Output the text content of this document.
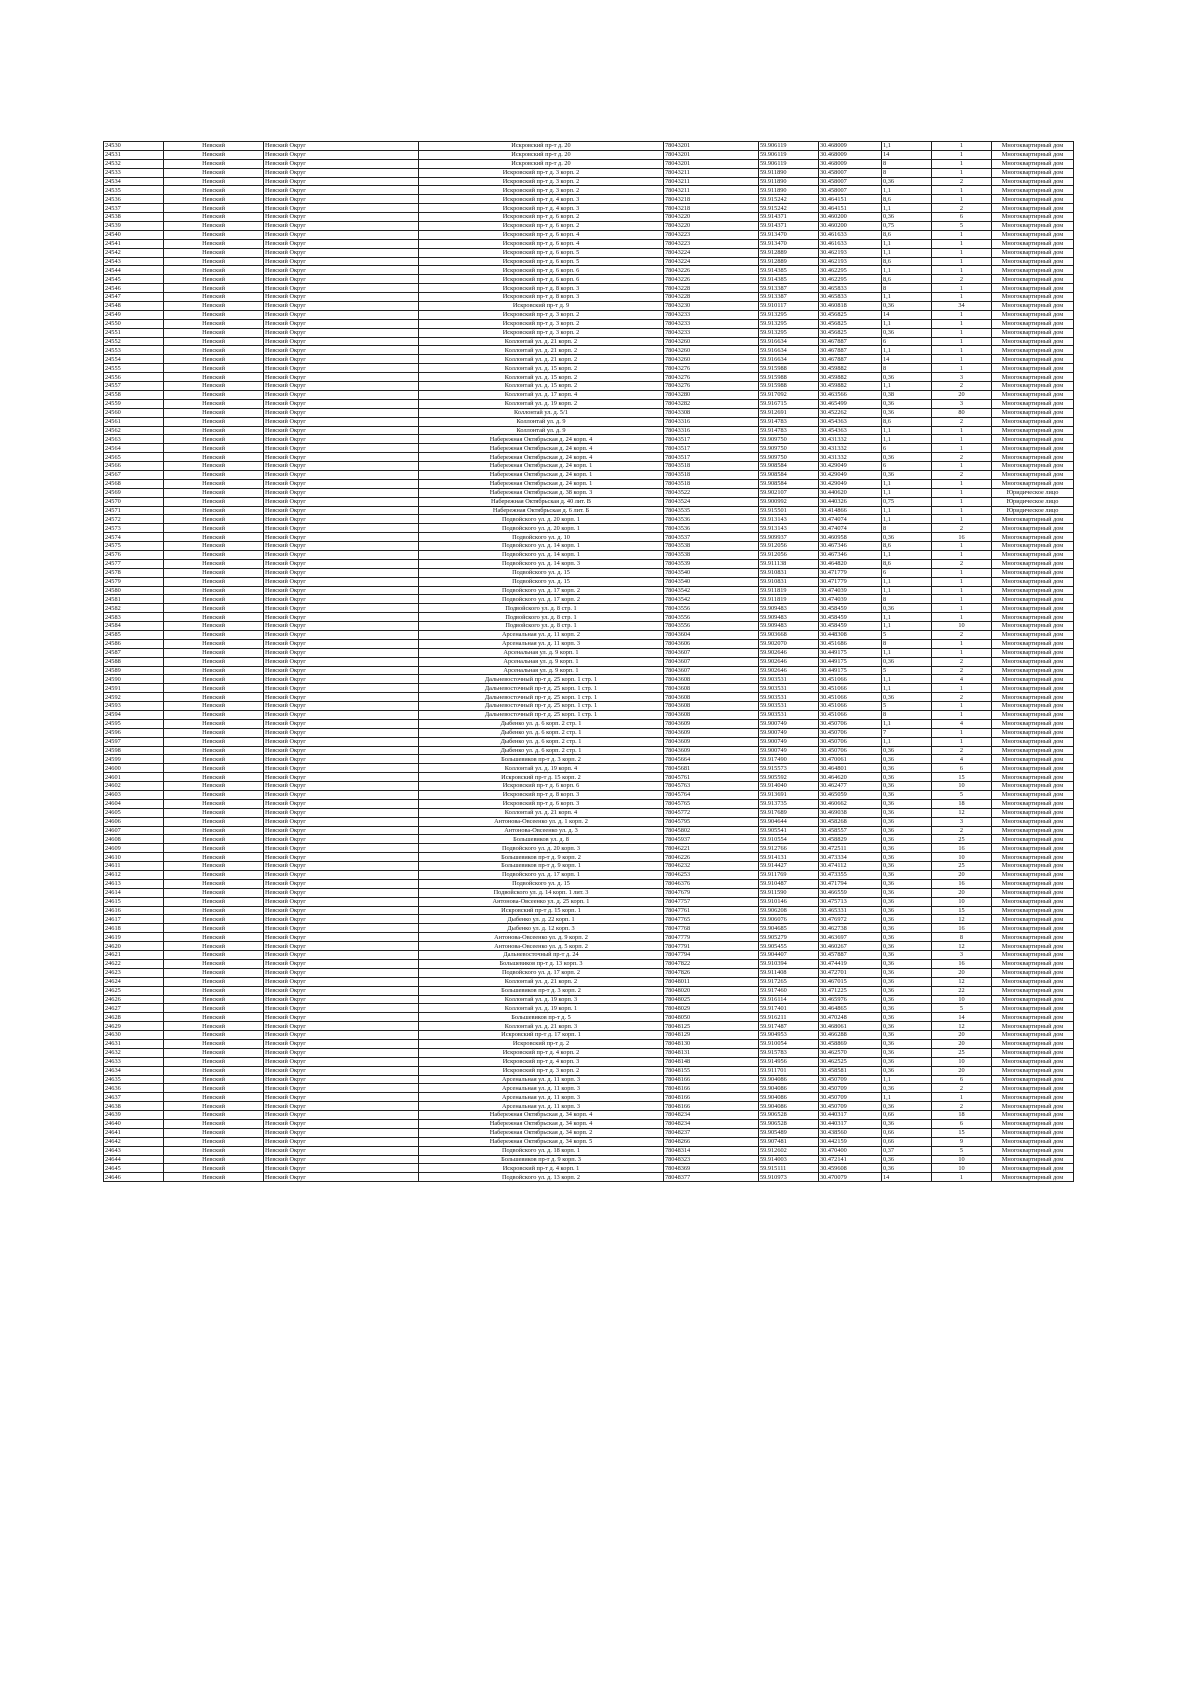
24530	Невский	Невский Округ	Искровский пр-т д. 20	78043201	59.906119	30.468009	1,1	1	Многоквартирный дом
24531	Невский	Невский Округ	Искровский пр-т д. 20	78043201	59.906119	30.468009	14	1	Многоквартирный дом
24532	Невский	Невский Округ	Искровский пр-т д. 20	78043201	59.906119	30.468009	8	1	Многоквартирный дом
24533	Невский	Невский Округ	Искровский пр-т д. 3 корп. 2	78043211	59.911890	30.458007	8	1	Многоквартирный дом
24534	Невский	Невский Округ	Искровский пр-т д. 3 корп. 2	78043211	59.911890	30.458007	0,36	2	Многоквартирный дом
24535	Невский	Невский Округ	Искровский пр-т д. 3 корп. 2	78043211	59.911890	30.458007	1,1	1	Многоквартирный дом
24536	Невский	Невский Округ	Искровский пр-т д. 4 корп. 3	78043218	59.915242	30.464151	8,6	1	Многоквартирный дом
24537	Невский	Невский Округ	Искровский пр-т д. 4 корп. 3	78043218	59.915242	30.464151	1,1	2	Многоквартирный дом
24538	Невский	Невский Округ	Искровский пр-т д. 6 корп. 2	78043220	59.914371	30.460200	0,36	6	Многоквартирный дом
24539	Невский	Невский Округ	Искровский пр-т д. 6 корп. 2	78043220	59.914371	30.460200	0,75	5	Многоквартирный дом
24540	Невский	Невский Округ	Искровский пр-т д. 6 корп. 4	78043223	59.913470	30.461633	8,6	1	Многоквартирный дом
24541	Невский	Невский Округ	Искровский пр-т д. 6 корп. 4	78043223	59.913470	30.461633	1,1	1	Многоквартирный дом
24542	Невский	Невский Округ	Искровский пр-т д. 6 корп. 5	78043224	59.912889	30.462193	1,1	1	Многоквартирный дом
24543	Невский	Невский Округ	Искровский пр-т д. 6 корп. 5	78043224	59.912889	30.462193	8,6	1	Многоквартирный дом
24544	Невский	Невский Округ	Искровский пр-т д. 6 корп. 6	78043226	59.914385	30.462295	1,1	1	Многоквартирный дом
24545	Невский	Невский Округ	Искровский пр-т д. 6 корп. 6	78043226	59.914385	30.462295	8,6	2	Многоквартирный дом
24546	Невский	Невский Округ	Искровский пр-т д. 8 корп. 3	78043228	59.913387	30.465833	8	1	Многоквартирный дом
24547	Невский	Невский Округ	Искровский пр-т д. 8 корп. 3	78043228	59.913387	30.465833	1,1	1	Многоквартирный дом
24548	Невский	Невский Округ	Искровский пр-т д. 9	78043230	59.910117	30.460818	0,36	34	Многоквартирный дом
24549	Невский	Невский Округ	Искровский пр-т д. 3 корп. 2	78043233	59.913295	30.456825	14	1	Многоквартирный дом
24550	Невский	Невский Округ	Искровский пр-т д. 3 корп. 2	78043233	59.913295	30.456825	1,1	1	Многоквартирный дом
24551	Невский	Невский Округ	Искровский пр-т д. 3 корп. 2	78043233	59.913295	30.456825	0,36	1	Многоквартирный дом
24552	Невский	Невский Округ	Коллонтай ул. д. 21 корп. 2	78043260	59.916634	30.467887	6	1	Многоквартирный дом
24553	Невский	Невский Округ	Коллонтай ул. д. 21 корп. 2	78043260	59.916634	30.467887	1,1	1	Многоквартирный дом
24554	Невский	Невский Округ	Коллонтай ул. д. 21 корп. 2	78043260	59.916634	30.467887	14	1	Многоквартирный дом
24555	Невский	Невский Округ	Коллонтай ул. д. 15 корп. 2	78043276	59.915988	30.459882	8	1	Многоквартирный дом
24556	Невский	Невский Округ	Коллонтай ул. д. 15 корп. 2	78043276	59.915988	30.459882	0,36	3	Многоквартирный дом
24557	Невский	Невский Округ	Коллонтай ул. д. 15 корп. 2	78043276	59.915988	30.459882	1,1	2	Многоквартирный дом
24558	Невский	Невский Округ	Коллонтай ул. д. 17 корп. 4	78043280	59.917092	30.463566	0,38	20	Многоквартирный дом
24559	Невский	Невский Округ	Коллонтай ул. д. 19 корп. 2	78043282	59.916715	30.465499	0,36	3	Многоквартирный дом
24560	Невский	Невский Округ	Коллонтай ул. д. 5/1	78043308	59.912691	30.452262	0,36	80	Многоквартирный дом
24561	Невский	Невский Округ	Коллонтай ул. д. 9	78043316	59.914783	30.454363	8,6	2	Многоквартирный дом
24562	Невский	Невский Округ	Коллонтай ул. д. 9	78043316	59.914783	30.454363	1,1	1	Многоквартирный дом
24563	Невский	Невский Округ	Набережная Октябрьская д. 24 корп. 4	78043517	59.909750	30.431332	1,1	1	Многоквартирный дом
24564	Невский	Невский Округ	Набережная Октябрьская д. 24 корп. 4	78043517	59.909750	30.431332	6	1	Многоквартирный дом
24565	Невский	Невский Округ	Набережная Октябрьская д. 24 корп. 4	78043517	59.909750	30.431332	0,36	2	Многоквартирный дом
24566	Невский	Невский Округ	Набережная Октябрьская д. 24 корп. 1	78043518	59.908584	30.429049	6	1	Многоквартирный дом
24567	Невский	Невский Округ	Набережная Октябрьская д. 24 корп. 1	78043518	59.908584	30.429049	0,36	2	Многоквартирный дом
24568	Невский	Невский Округ	Набережная Октябрьская д. 24 корп. 1	78043518	59.908584	30.429049	1,1	1	Многоквартирный дом
24569	Невский	Невский Округ	Набережная Октябрьская д. 38 корп. 3	78043522	59.902107	30.440620	1,1	1	Юридическое лицо
24570	Невский	Невский Округ	Набережная Октябрьская д. 40 лит. В	78043524	59.900992	30.440326	0,75	1	Юридическое лицо
24571	Невский	Невский Округ	Набережная Октябрьская д. 6 лит. Б	78043535	59.915501	30.414866	1,1	1	Юридическое лицо
24572	Невский	Невский Округ	Подвойского ул. д. 20 корп. 1	78043536	59.913143	30.474074	1,1	1	Многоквартирный дом
24573	Невский	Невский Округ	Подвойского ул. д. 20 корп. 1	78043536	59.913143	30.474074	8	2	Многоквартирный дом
24574	Невский	Невский Округ	Подвойского ул. д. 10	78043537	59.909937	30.460958	0,36	16	Многоквартирный дом
24575	Невский	Невский Округ	Подвойского ул. д. 14 корп. 1	78043538	59.912056	30.467346	8,6	1	Многоквартирный дом
24576	Невский	Невский Округ	Подвойского ул. д. 14 корп. 1	78043538	59.912056	30.467346	1,1	1	Многоквартирный дом
24577	Невский	Невский Округ	Подвойского ул. д. 14 корп. 3	78043539	59.911138	30.464820	8,6	2	Многоквартирный дом
24578	Невский	Невский Округ	Подвойского ул. д. 15	78043540	59.910831	30.471779	6	1	Многоквартирный дом
24579	Невский	Невский Округ	Подвойского ул. д. 15	78043540	59.910831	30.471779	1,1	1	Многоквартирный дом
24580	Невский	Невский Округ	Подвойского ул. д. 17 корп. 2	78043542	59.911819	30.474039	1,1	1	Многоквартирный дом
24581	Невский	Невский Округ	Подвойского ул. д. 17 корп. 2	78043542	59.911819	30.474039	8	1	Многоквартирный дом
24582	Невский	Невский Округ	Подвойского ул. д. 8 стр. 1	78043556	59.909483	30.458459	0,36	1	Многоквартирный дом
24583	Невский	Невский Округ	Подвойского ул. д. 8 стр. 1	78043556	59.909483	30.458459	1,1	1	Многоквартирный дом
24584	Невский	Невский Округ	Подвойского ул. д. 8 стр. 1	78043556	59.909483	30.458459	1,1	10	Многоквартирный дом
24585	Невский	Невский Округ	Арсенальная ул. д. 11 корп. 2	78043604	59.903668	30.448308	5	2	Многоквартирный дом
24586	Невский	Невский Округ	Арсенальная ул. д. 11 корп. 3	78043606	59.902070	30.451686	8	1	Многоквартирный дом
24587	Невский	Невский Округ	Арсенальная ул. д. 9 корп. 1	78043607	59.902646	30.449175	1,1	1	Многоквартирный дом
24588	Невский	Невский Округ	Арсенальная ул. д. 9 корп. 1	78043607	59.902646	30.449175	0,36	2	Многоквартирный дом
24589	Невский	Невский Округ	Арсенальная ул. д. 9 корп. 1	78043607	59.902646	30.449175	5	2	Многоквартирный дом
24590	Невский	Невский Округ	Дальневосточный пр-т д. 25 корп. 1 стр. 1	78043608	59.903531	30.451066	1,1	4	Многоквартирный дом
24591	Невский	Невский Округ	Дальневосточный пр-т д. 25 корп. 1 стр. 1	78043608	59.903531	30.451066	1,1	1	Многоквартирный дом
24592	Невский	Невский Округ	Дальневосточный пр-т д. 25 корп. 1 стр. 1	78043608	59.903531	30.451066	0,36	2	Многоквартирный дом
24593	Невский	Невский Округ	Дальневосточный пр-т д. 25 корп. 1 стр. 1	78043608	59.903531	30.451066	5	1	Многоквартирный дом
24594	Невский	Невский Округ	Дальневосточный пр-т д. 25 корп. 1 стр. 1	78043608	59.903531	30.451066	8	1	Многоквартирный дом
24595	Невский	Невский Округ	Дыбенко ул. д. 6 корп. 2 стр. 1	78043609	59.900749	30.450706	1,1	4	Многоквартирный дом
24596	Невский	Невский Округ	Дыбенко ул. д. 6 корп. 2 стр. 1	78043609	59.900749	30.450706	7	1	Многоквартирный дом
24597	Невский	Невский Округ	Дыбенко ул. д. 6 корп. 2 стр. 1	78043609	59.900749	30.450706	1,1	1	Многоквартирный дом
24598	Невский	Невский Округ	Дыбенко ул. д. 6 корп. 2 стр. 1	78043609	59.900749	30.450706	0,36	2	Многоквартирный дом
24599	Невский	Невский Округ	Большевиков пр-т д. 3 корп. 2	78045664	59.917490	30.470061	0,36	4	Многоквартирный дом
24600	Невский	Невский Округ	Коллонтай ул. д. 19 корп. 4	78045681	59.915573	30.464801	0,36	6	Многоквартирный дом
24601	Невский	Невский Округ	Искровский пр-т д. 15 корп. 2	78045761	59.905592	30.464620	0,36	15	Многоквартирный дом
24602	Невский	Невский Округ	Искровский пр-т д. 6 корп. 6	78045763	59.914040	30.462477	0,36	10	Многоквартирный дом
24603	Невский	Невский Округ	Искровский пр-т д. 8 корп. 3	78045764	59.913691	30.465059	0,36	5	Многоквартирный дом
24604	Невский	Невский Округ	Искровский пр-т д. 6 корп. 3	78045765	59.913735	30.460662	0,36	18	Многоквартирный дом
24605	Невский	Невский Округ	Коллонтай ул. д. 21 корп. 4	78045772	59.917689	30.469038	0,36	12	Многоквартирный дом
24606	Невский	Невский Округ	Антонова-Овсеенко ул. д. 1 корп. 2	78045795	59.904644	30.458268	0,36	3	Многоквартирный дом
24607	Невский	Невский Округ	Антонова-Овсеенко ул. д. 3	78045802	59.905541	30.458557	0,36	2	Многоквартирный дом
24608	Невский	Невский Округ	Большевиков ул. д. 8	78045937	59.910554	30.458829	0,36	25	Многоквартирный дом
24609	Невский	Невский Округ	Подвойского ул. д. 20 корп. 3	78046221	59.912766	30.472511	0,36	16	Многоквартирный дом
24610	Невский	Невский Округ	Большевиков пр-т д. 9 корп. 2	78046226	59.914131	30.473334	0,36	10	Многоквартирный дом
24611	Невский	Невский Округ	Большевиков пр-т д. 9 корп. 1	78046232	59.914427	30.474112	0,36	25	Многоквартирный дом
24612	Невский	Невский Округ	Подвойского ул. д. 17 корп. 1	78046253	59.911769	30.473355	0,36	20	Многоквартирный дом
24613	Невский	Невский Округ	Подвойского ул. д. 15	78046376	59.910487	30.471794	0,36	16	Многоквартирный дом
24614	Невский	Невский Округ	Подвойского ул. д. 14 корп. 1 лит. 3	78047679	59.911590	30.466559	0,36	20	Многоквартирный дом
24615	Невский	Невский Округ	Антонова-Овсеенко ул. д. 25 корп. 1	78047757	59.910146	30.475713	0,36	10	Многоквартирный дом
24616	Невский	Невский Округ	Искровский пр-т д. 15 корп. 1	78047761	59.906208	30.465331	0,36	15	Многоквартирный дом
24617	Невский	Невский Округ	Дыбенко ул. д. 22 корп. 1	78047765	59.906076	30.476972	0,36	12	Многоквартирный дом
24618	Невский	Невский Округ	Дыбенко ул. д. 12 корп. 3	78047768	59.904685	30.462738	0,36	16	Многоквартирный дом
24619	Невский	Невский Округ	Антонова-Овсеенко ул. д. 9 корп. 2	78047779	59.905279	30.463697	0,36	8	Многоквартирный дом
24620	Невский	Невский Округ	Антонова-Овсеенко ул. д. 5 корп. 2	78047791	59.905455	30.460267	0,36	12	Многоквартирный дом
24621	Невский	Невский Округ	Дальневосточный пр-т д. 24	78047794	59.904407	30.457887	0,36	3	Многоквартирный дом
24622	Невский	Невский Округ	Большевиков пр-т д. 13 корп. 3	78047822	59.910394	30.474419	0,36	16	Многоквартирный дом
24623	Невский	Невский Округ	Подвойского ул. д. 17 корп. 2	78047826	59.911408	30.472701	0,36	20	Многоквартирный дом
24624	Невский	Невский Округ	Коллонтай ул. д. 21 корп. 2	78048011	59.917265	30.467015	0,36	12	Многоквартирный дом
24625	Невский	Невский Округ	Большевиков пр-т д. 3 корп. 2	78048020	59.917460	30.471225	0,36	22	Многоквартирный дом
24626	Невский	Невский Округ	Коллонтай ул. д. 19 корп. 3	78048025	59.916114	30.465976	0,36	10	Многоквартирный дом
24627	Невский	Невский Округ	Коллонтай ул. д. 19 корп. 1	78048029	59.917401	30.464865	0,36	5	Многоквартирный дом
24628	Невский	Невский Округ	Большевиков пр-т д. 5	78048050	59.916211	30.470248	0,36	14	Многоквартирный дом
24629	Невский	Невский Округ	Коллонтай ул. д. 21 корп. 3	78048125	59.917487	30.468061	0,36	12	Многоквартирный дом
24630	Невский	Невский Округ	Искровский пр-т д. 17 корп. 1	78048129	59.904953	30.466288	0,36	20	Многоквартирный дом
24631	Невский	Невский Округ	Искровский пр-т д. 2	78048130	59.910054	30.458869	0,36	20	Многоквартирный дом
24632	Невский	Невский Округ	Искровский пр-т д. 4 корп. 2	78048131	59.915783	30.462570	0,36	25	Многоквартирный дом
24633	Невский	Невский Округ	Искровский пр-т д. 4 корп. 3	78048148	59.914956	30.462525	0,36	10	Многоквартирный дом
24634	Невский	Невский Округ	Искровский пр-т д. 3 корп. 2	78048155	59.911701	30.458581	0,36	20	Многоквартирный дом
24635	Невский	Невский Округ	Арсенальная ул. д. 11 корп. 3	78048166	59.904086	30.450709	1,1	6	Многоквартирный дом
24636	Невский	Невский Округ	Арсенальная ул. д. 11 корп. 3	78048166	59.904086	30.450709	0,36	2	Многоквартирный дом
24637	Невский	Невский Округ	Арсенальная ул. д. 11 корп. 3	78048166	59.904086	30.450709	1,1	1	Многоквартирный дом
24638	Невский	Невский Округ	Арсенальная ул. д. 11 корп. 3	78048166	59.904086	30.450709	0,36	2	Многоквартирный дом
24639	Невский	Невский Округ	Набережная Октябрьская д. 34 корп. 4	78048234	59.906528	30.440317	0,66	18	Многоквартирный дом
24640	Невский	Невский Округ	Набережная Октябрьская д. 34 корп. 4	78048234	59.906528	30.440317	0,36	6	Многоквартирный дом
24641	Невский	Невский Округ	Набережная Октябрьская д. 34 корп. 2	78048237	59.905489	30.438560	0,66	15	Многоквартирный дом
24642	Невский	Невский Округ	Набережная Октябрьская д. 34 корп. 5	78048266	59.907481	30.442159	0,66	9	Многоквартирный дом
24643	Невский	Невский Округ	Подвойского ул. д. 18 корп. 1	78048314	59.912602	30.470400	0,37	5	Многоквартирный дом
24644	Невский	Невский Округ	Большевиков пр-т д. 9 корп. 3	78048323	59.914003	30.472141	0,36	10	Многоквартирный дом
24645	Невский	Невский Округ	Искровский пр-т д. 4 корп. 1	78048369	59.915111	30.459608	0,36	10	Многоквартирный дом
24646	Невский	Невский Округ	Подвойского ул. д. 13 корп. 2	78048377	59.910973	30.470079	14	1	Многоквартирный дом
